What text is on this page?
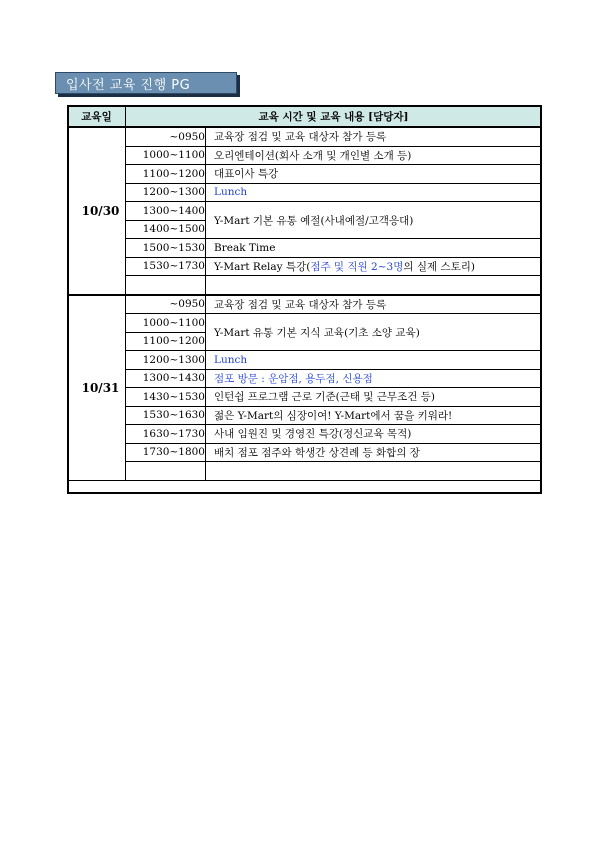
입사전 교육 진행 PG
교육일	교육 시간 및 교육 내용 [담당자]	
10/30	~0950	교육장 점검 및 교육 대상자 참가 등록
	1000~1100	오리엔테이션(회사 소개 및 개인별 소개 등)
	1100~1200	대표이사 특강
	1200~1300	Lunch
	1300~1400	Y-Mart 기본 유통 예절(사내예절/고객응대)
	1400~1500	
	1500~1530	Break Time
	1530~1730	Y-Mart Relay 특강(점주 및 직원 2~3명의 실제 스토리)

10/31	~0950	교육장 점검 및 교육 대상자 참가 등록
	1000~1100	Y-Mart 유통 기본 지식 교육(기초 소양 교육)
	1100~1200	
	1200~1300	Lunch
	1300~1430	점포 방문 : 운암점, 용두점, 신용점
	1430~1530	인턴쉽 프로그램 근로 기준(근태 및 근무조건 등)
	1530~1630	젊은 Y-Mart의 심장이여! Y-Mart에서 꿈을 키워라!
	1630~1730	사내 임원진 및 경영진 특강(정신교육 목적)
	1730~1800	배치 점포 점주와 학생간 상견례 등 화합의 장
